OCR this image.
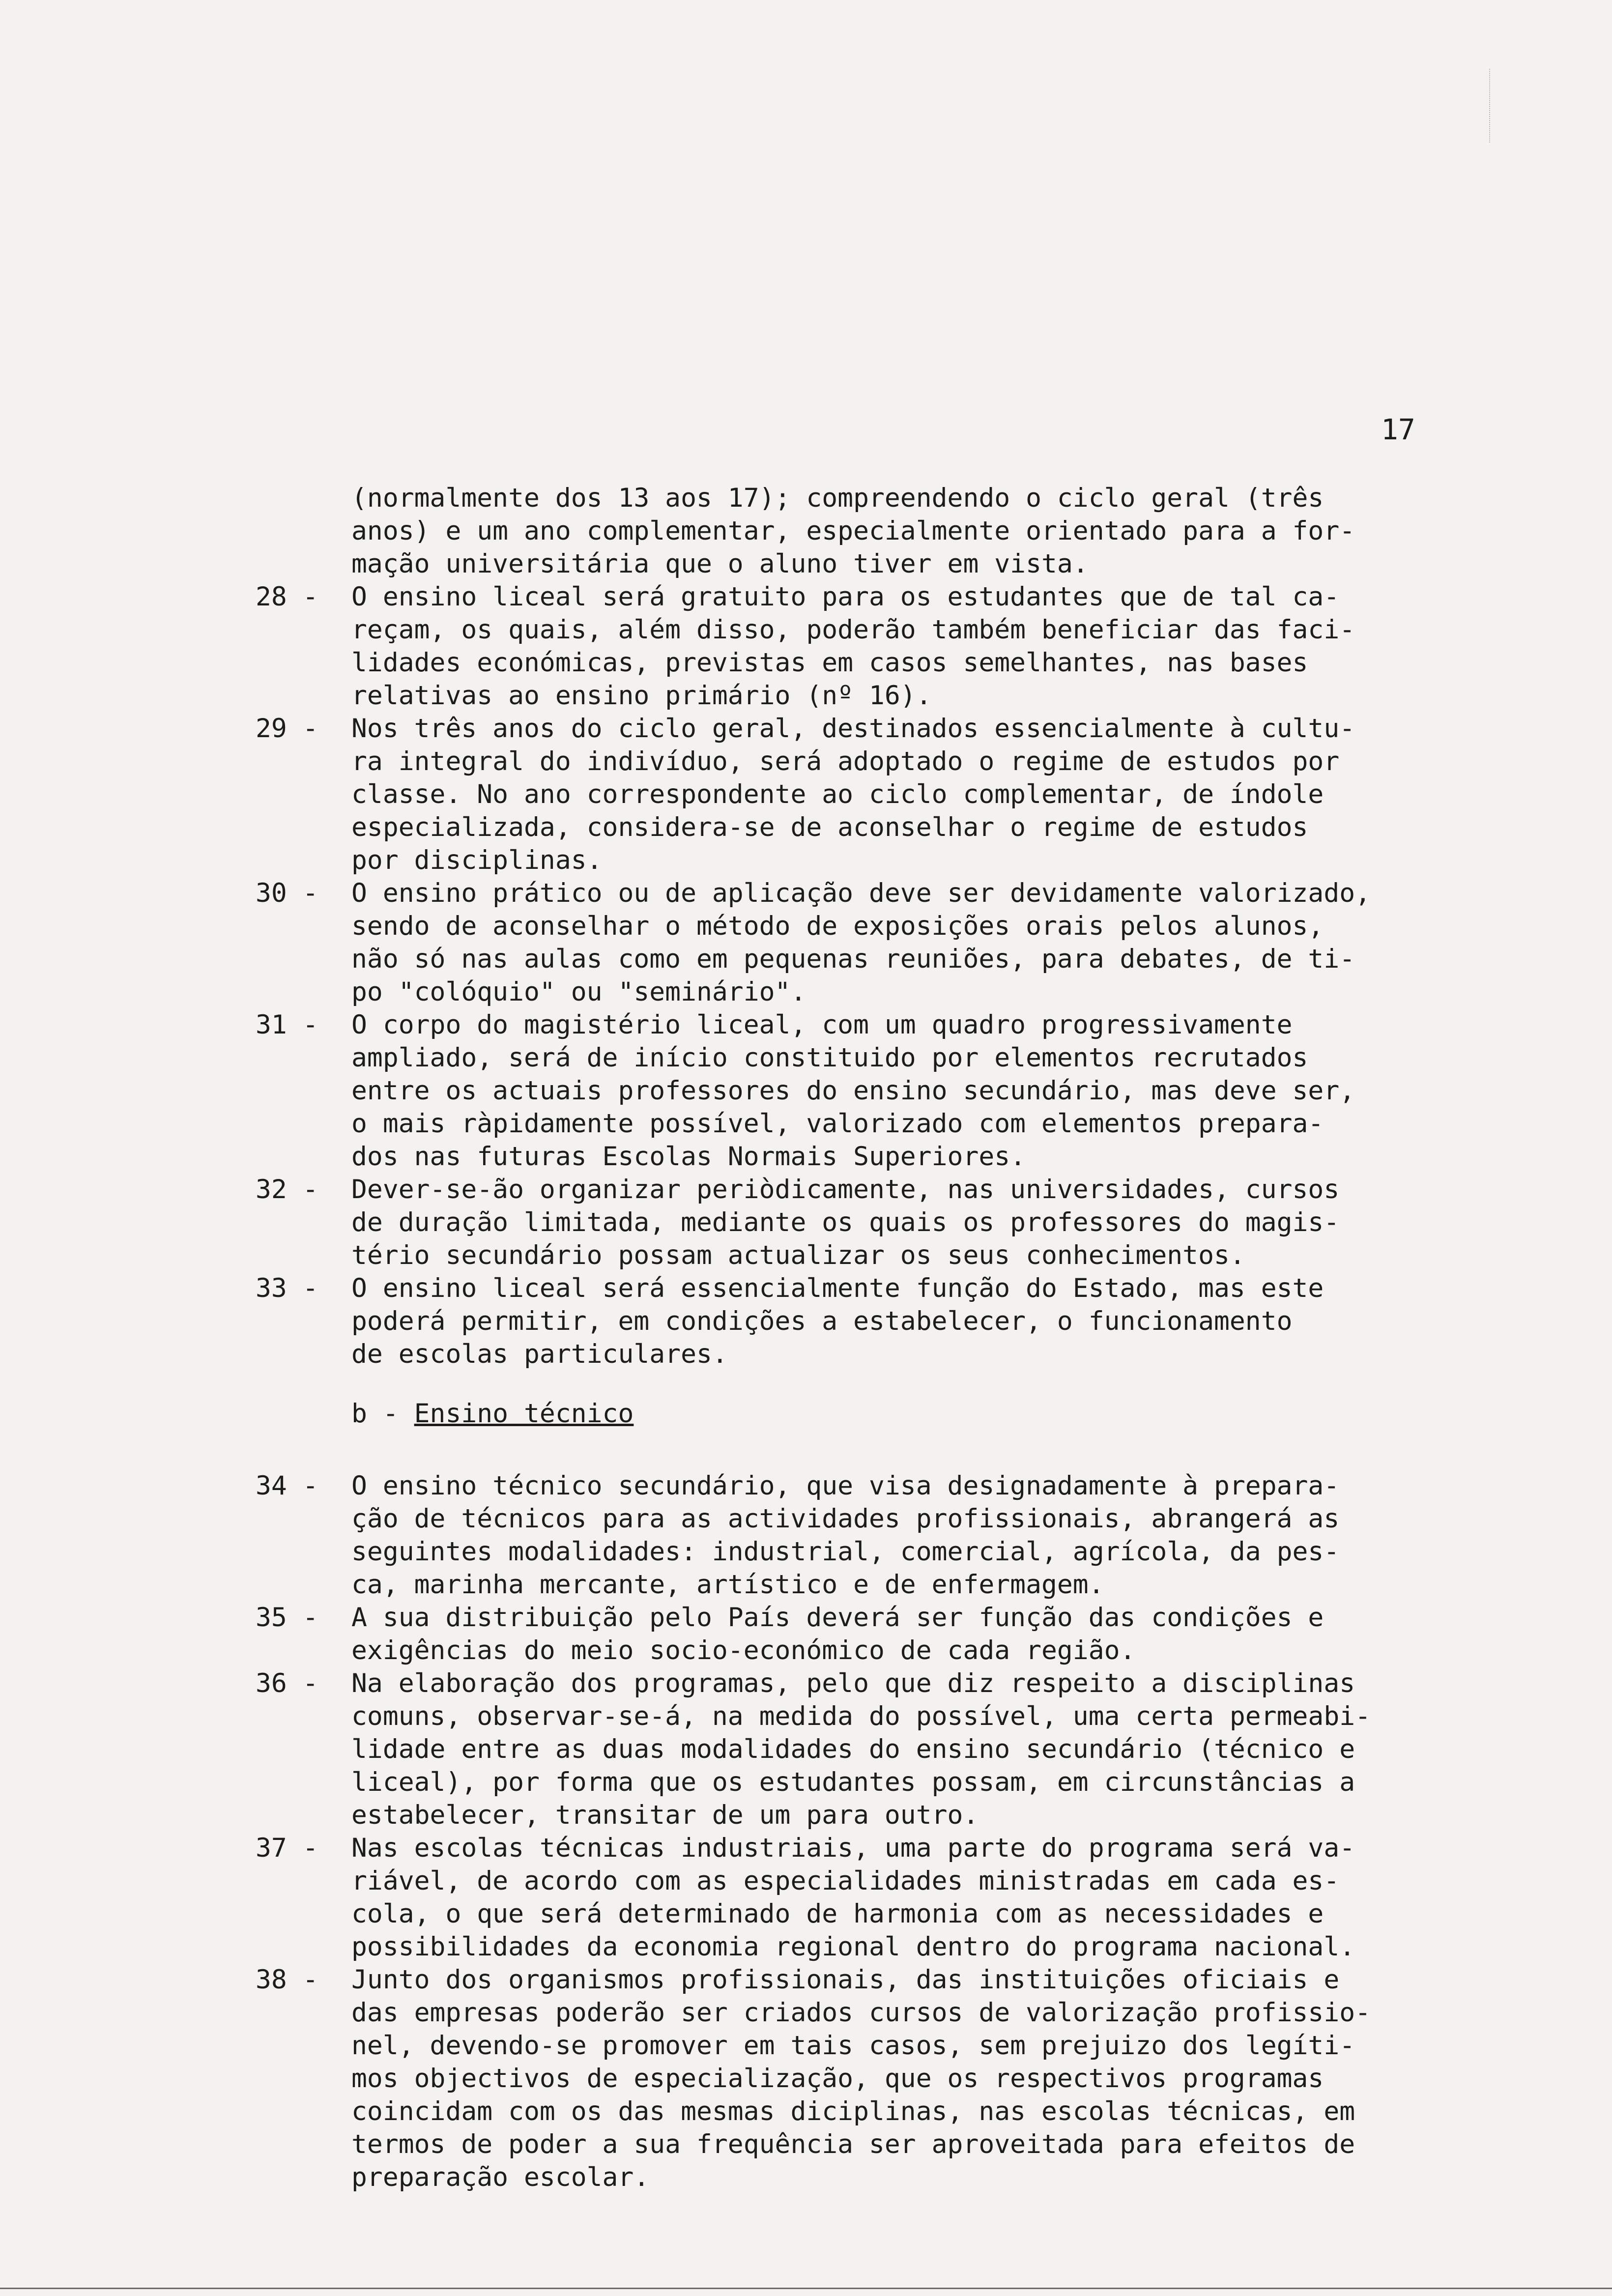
17
(normalmente dos 13 aos 17); compreendendo o ciclo geral (três
anos) e um ano complementar, especialmente orientado para a for-
mação universitária que o aluno tiver em vista.
28 -	O ensino liceal será gratuito para os estudantes que de tal ca-
reçam, os quais, além disso, poderão também beneficiar das faci-
lidades económicas, previstas em casos semelhantes, nas bases
relativas ao ensino primário (nº 16).
29 -	Nos três anos do ciclo geral, destinados essencialmente à cultu-
ra integral do indivíduo, será adoptado o regime de estudos por
classe. No ano correspondente ao ciclo complementar, de índole
especializada, considera-se de aconselhar o regime de estudos
por disciplinas.
30 -	O ensino prático ou de aplicação deve ser devidamente valorizado,
sendo de aconselhar o método de exposições orais pelos alunos,
não só nas aulas como em pequenas reuniões, para debates, de ti-
po "colóquio" ou "seminário".
31 -	O corpo do magistério liceal, com um quadro progressivamente
ampliado, será de início constituido por elementos recrutados
entre os actuais professores do ensino secundário, mas deve ser,
o mais ràpidamente possível, valorizado com elementos prepara-
dos nas futuras Escolas Normais Superiores.
32 -	Dever-se-ão organizar periòdicamente, nas universidades, cursos
de duração limitada, mediante os quais os professores do magis-
tério secundário possam actualizar os seus conhecimentos.
33 -	O ensino liceal será essencialmente função do Estado, mas este
poderá permitir, em condições a estabelecer, o funcionamento
de escolas particulares.
b - Ensino técnico
34 -	O ensino técnico secundário, que visa designadamente à prepara-
ção de técnicos para as actividades profissionais, abrangerá as
seguintes modalidades: industrial, comercial, agrícola, da pes-
ca, marinha mercante, artístico e de enfermagem.
35 -	A sua distribuição pelo País deverá ser função das condições e
exigências do meio socio-económico de cada região.
36 -	Na elaboração dos programas, pelo que diz respeito a disciplinas
comuns, observar-se-á, na medida do possível, uma certa permeabi-
lidade entre as duas modalidades do ensino secundário (técnico e
liceal), por forma que os estudantes possam, em circunstâncias a
estabelecer, transitar de um para outro.
37 -	Nas escolas técnicas industriais, uma parte do programa será va-
riável, de acordo com as especialidades ministradas em cada es-
cola, o que será determinado de harmonia com as necessidades e
possibilidades da economia regional dentro do programa nacional.
38 -	Junto dos organismos profissionais, das instituições oficiais e
das empresas poderão ser criados cursos de valorização profissio-
nel, devendo-se promover em tais casos, sem prejuizo dos legíti-
mos objectivos de especialização, que os respectivos programas
coincidam com os das mesmas diciplinas, nas escolas técnicas, em
termos de poder a sua frequência ser aproveitada para efeitos de
preparação escolar.
